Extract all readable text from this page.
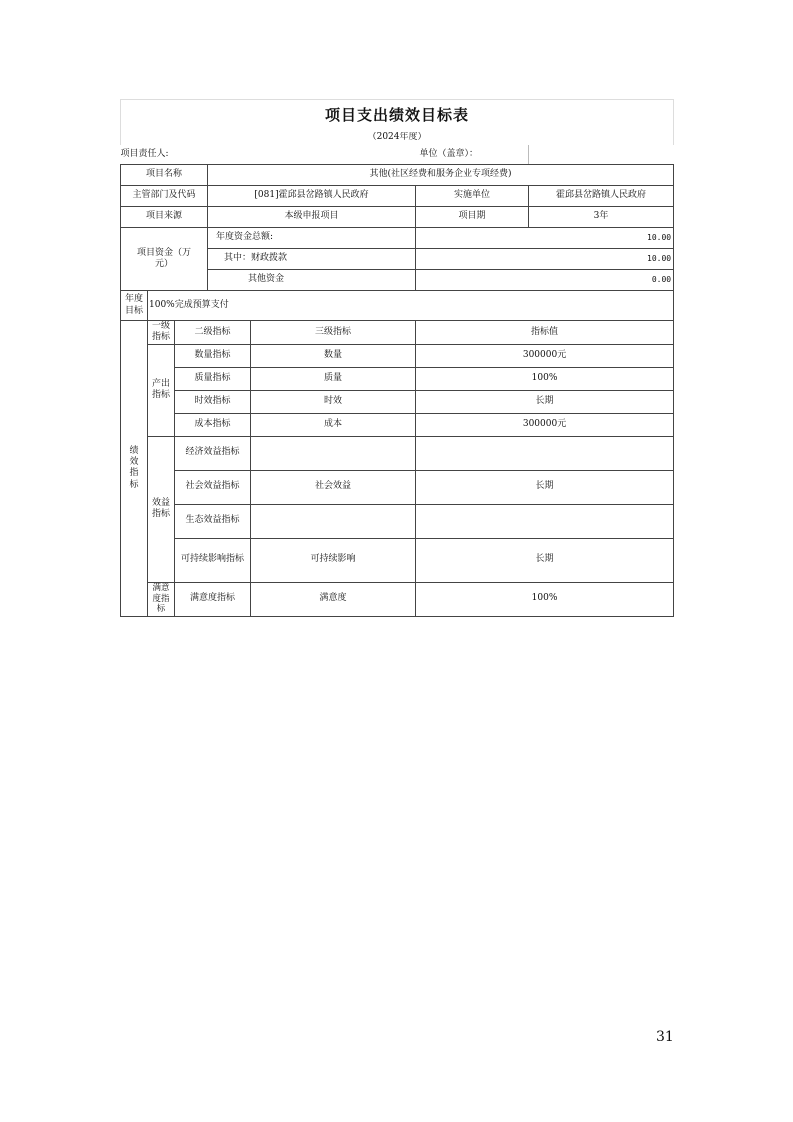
项目支出绩效目标表						
（2024年度）						
项目责任人:			单位（盖章）：			
项目名称			其他(社区经费和服务企业专项经费)			
主管部门及代码			[081]霍邱县岔路镇人民政府		实施单位	霍邱县岔路镇人民政府
项目来源			本级申报项目		项目期	3年
项目资金（万元）			年度资金总额:		10.00	
			其中：财政拨款		10.00	
			其他资金		0.00	
年度目标	100%完成预算支付					
绩效指标	一级指标	二级指标		三级指标	指标值	
	产出指标	数量指标		数量	300000元	
		质量指标		质量	100%	
		时效指标		时效	长期	
		成本指标		成本	300000元	
	效益指标	经济效益指标				
		社会效益指标		社会效益	长期	
		生态效益指标				
		可持续影响指标		可持续影响	长期	
	满意度指标	满意度指标		满意度	100%	
31
